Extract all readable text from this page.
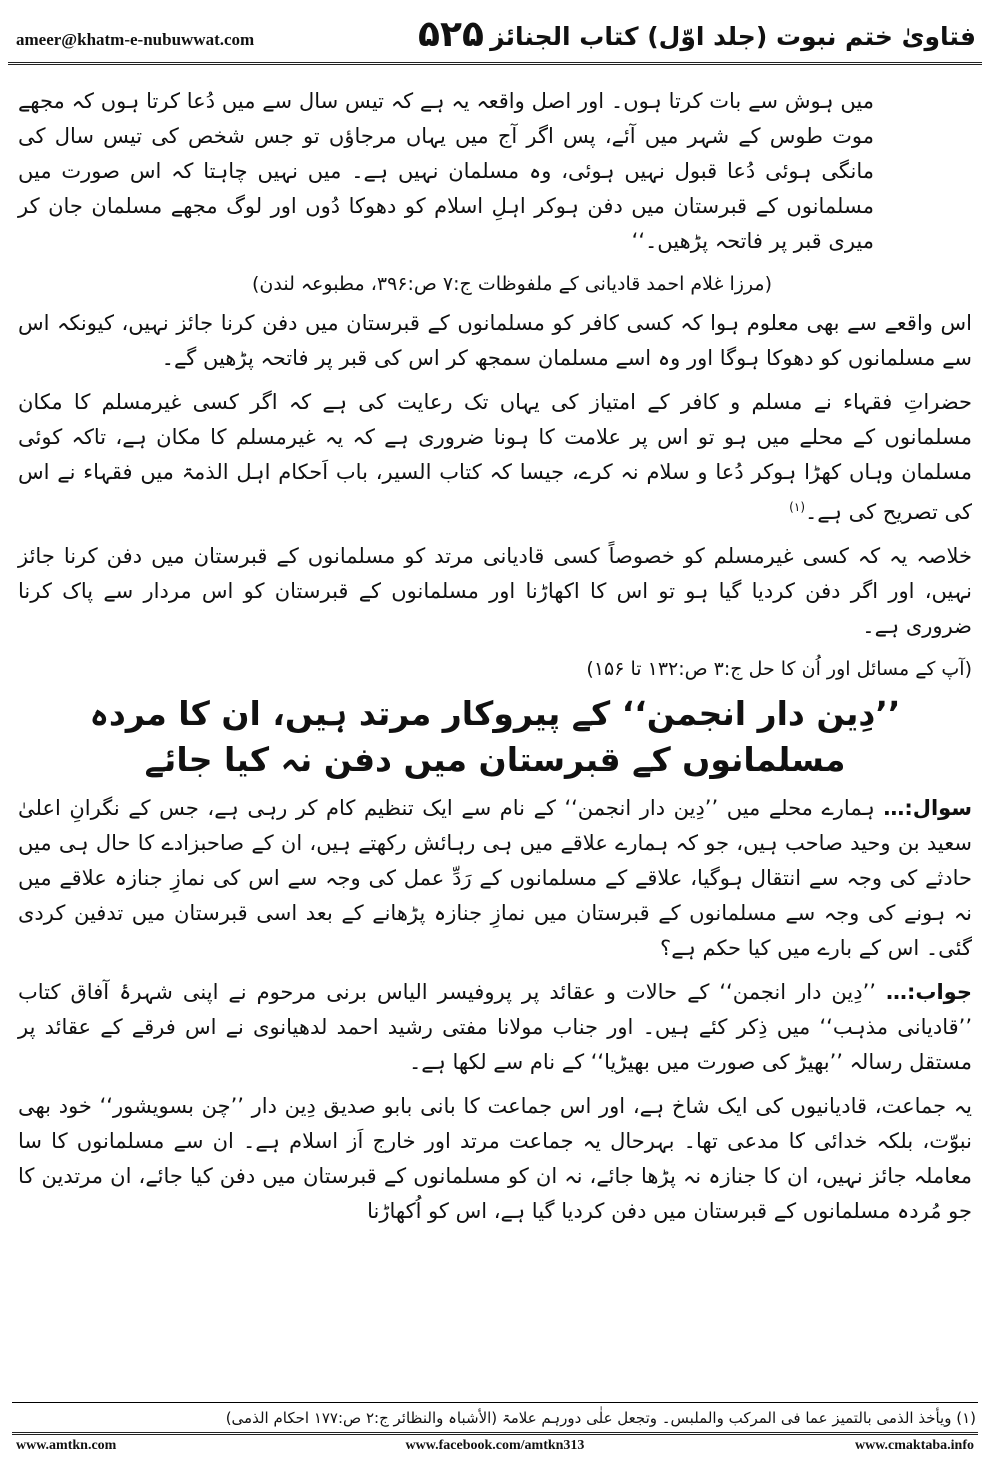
ameer@khatm-e-nubuwwat.com	۵۲۵ فتاویٰ ختم نبوت (جلد اوّل) کتاب الجنائز

میں ہوش سے بات کرتا ہوں۔ اور اصل واقعہ یہ ہے کہ تیس سال سے میں دُعا کرتا ہوں کہ مجھے موت طوس کے شہر میں آئے، پس اگر آج میں یہاں مرجاؤں تو جس شخص کی تیس سال کی مانگی ہوئی دُعا قبول نہیں ہوئی، وہ مسلمان نہیں ہے۔ میں نہیں چاہتا کہ اس صورت میں مسلمانوں کے قبرستان میں دفن ہوکر اہلِ اسلام کو دھوکا دُوں اور لوگ مجھے مسلمان جان کر میری قبر پر فاتحہ پڑھیں۔‘‘

(مرزا غلام احمد قادیانی کے ملفوظات ج:۷ ص:۳۹۶، مطبوعہ لندن)

اس واقعے سے بھی معلوم ہوا کہ کسی کافر کو مسلمانوں کے قبرستان میں دفن کرنا جائز نہیں، کیونکہ اس سے مسلمانوں کو دھوکا ہوگا اور وہ اسے مسلمان سمجھ کر اس کی قبر پر فاتحہ پڑھیں گے۔

حضراتِ فقہاء نے مسلم و کافر کے امتیاز کی یہاں تک رعایت کی ہے کہ اگر کسی غیرمسلم کا مکان مسلمانوں کے محلے میں ہو تو اس پر علامت کا ہونا ضروری ہے کہ یہ غیرمسلم کا مکان ہے، تاکہ کوئی مسلمان وہاں کھڑا ہوکر دُعا و سلام نہ کرے، جیسا کہ کتاب السیر، باب اَحکام اہل الذمۃ میں فقہاء نے اس کی تصریح کی ہے۔$^{(۱)}$

خلاصہ یہ کہ کسی غیرمسلم کو خصوصاً کسی قادیانی مرتد کو مسلمانوں کے قبرستان میں دفن کرنا جائز نہیں، اور اگر دفن کردیا گیا ہو تو اس کا اکھاڑنا اور مسلمانوں کے قبرستان کو اس مردار سے پاک کرنا ضروری ہے۔

(آپ کے مسائل اور اُن کا حل ج:۳ ص:۱۳۲ تا ۱۵۶)

’’دِین دار انجمن‘‘ کے پیروکار مرتد ہیں، ان کا مردہ مسلمانوں کے قبرستان میں دفن نہ کیا جائے

سوال:… ہمارے محلے میں ’’دِین دار انجمن‘‘ کے نام سے ایک تنظیم کام کر رہی ہے، جس کے نگرانِ اعلیٰ سعید بن وحید صاحب ہیں، جو کہ ہمارے علاقے میں ہی رہائش رکھتے ہیں، ان کے صاحبزادے کا حال ہی میں حادثے کی وجہ سے انتقال ہوگیا، علاقے کے مسلمانوں کے رَدِّ عمل کی وجہ سے اس کی نمازِ جنازہ علاقے میں نہ ہونے کی وجہ سے مسلمانوں کے قبرستان میں نمازِ جنازہ پڑھانے کے بعد اسی قبرستان میں تدفین کردی گئی۔ اس کے بارے میں کیا حکم ہے؟

جواب:… ’’دِین دار انجمن‘‘ کے حالات و عقائد پر پروفیسر الیاس برنی مرحوم نے اپنی شہرۂ آفاق کتاب ’’قادیانی مذہب‘‘ میں ذِکر کئے ہیں۔ اور جناب مولانا مفتی رشید احمد لدھیانوی نے اس فرقے کے عقائد پر مستقل رسالہ ’’بھیڑ کی صورت میں بھیڑیا‘‘ کے نام سے لکھا ہے۔

یہ جماعت، قادیانیوں کی ایک شاخ ہے، اور اس جماعت کا بانی بابو صدیق دِین دار ’’چن بسویشور‘‘ خود بھی نبوّت، بلکہ خدائی کا مدعی تھا۔ بہرحال یہ جماعت مرتد اور خارج اَز اسلام ہے۔ ان سے مسلمانوں کا سا معاملہ جائز نہیں، ان کا جنازہ نہ پڑھا جائے، نہ ان کو مسلمانوں کے قبرستان میں دفن کیا جائے، ان مرتدین کا جو مُردہ مسلمانوں کے قبرستان میں دفن کردیا گیا ہے، اس کو اُکھاڑنا

(۱) ویأخذ الذمی بالتمیز عما فی المرکب والملبس۔ وتجعل علٰی دورہم علامۃ (الأشباہ والنظائر ج:۲ ص:۱۷۷ احکام الذمی)
www.amtkn.com	www.facebook.com/amtkn313	www.cmaktaba.info
